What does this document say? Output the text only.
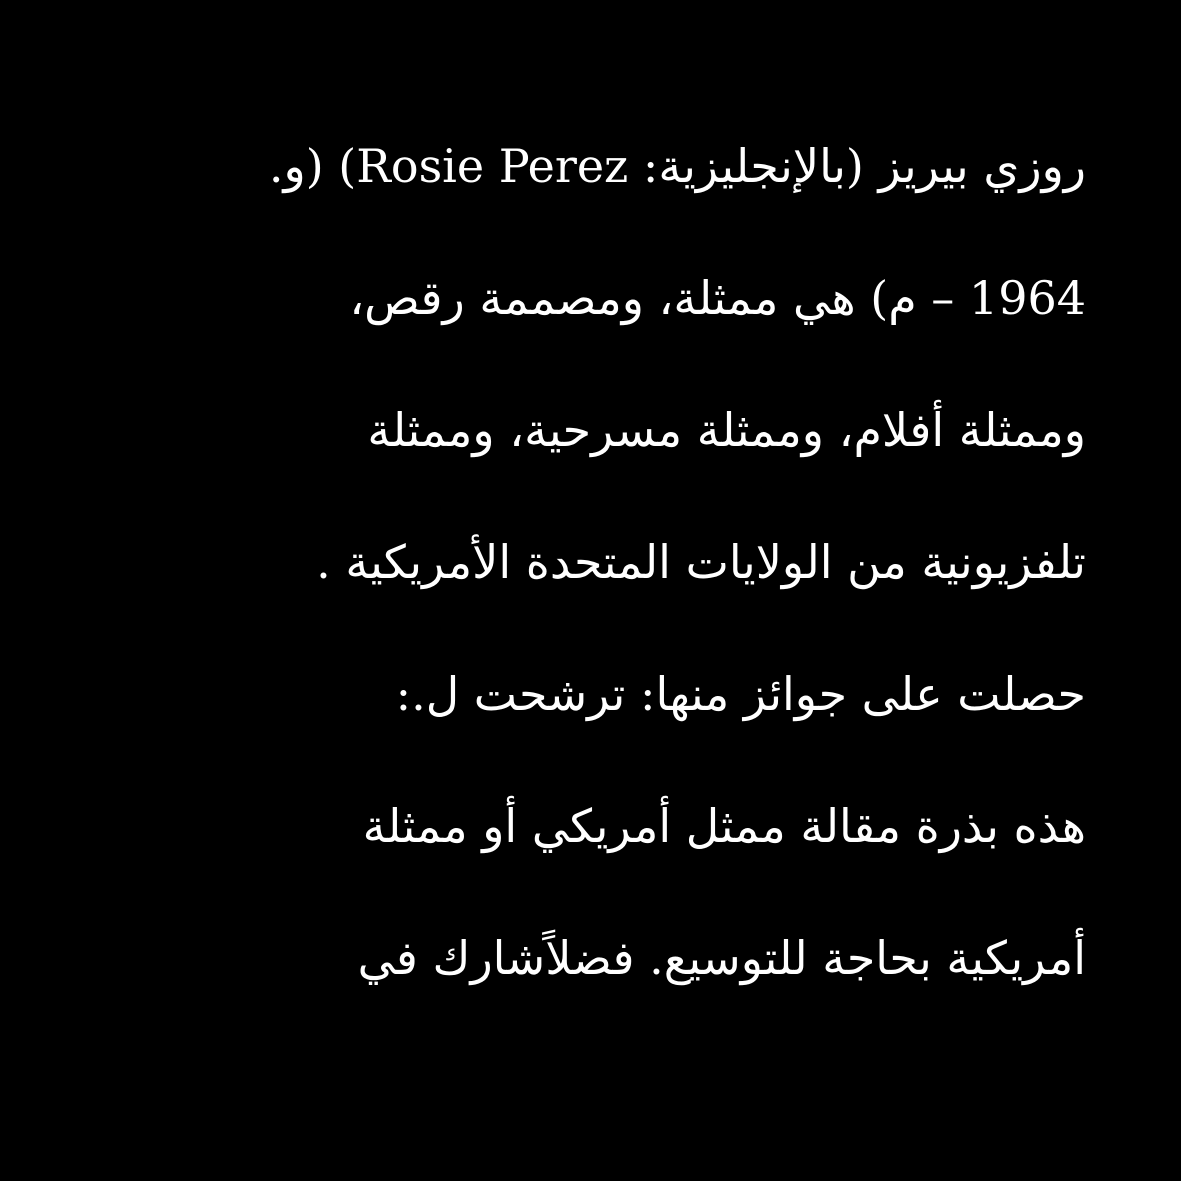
روزي بيريز (بالإنجليزية: Rosie Perez) (و.
1964 – م) هي ممثلة، ومصممة رقص،
وممثلة أفلام، وممثلة مسرحية، وممثلة
تلفزيونية من الولايات المتحدة الأمريكية .
حصلت على جوائز منها: ترشحت ل.:
هذه بذرة مقالة ممثل أمريكي أو ممثلة
أمريكية بحاجة للتوسيع. فضلاًشارك في
